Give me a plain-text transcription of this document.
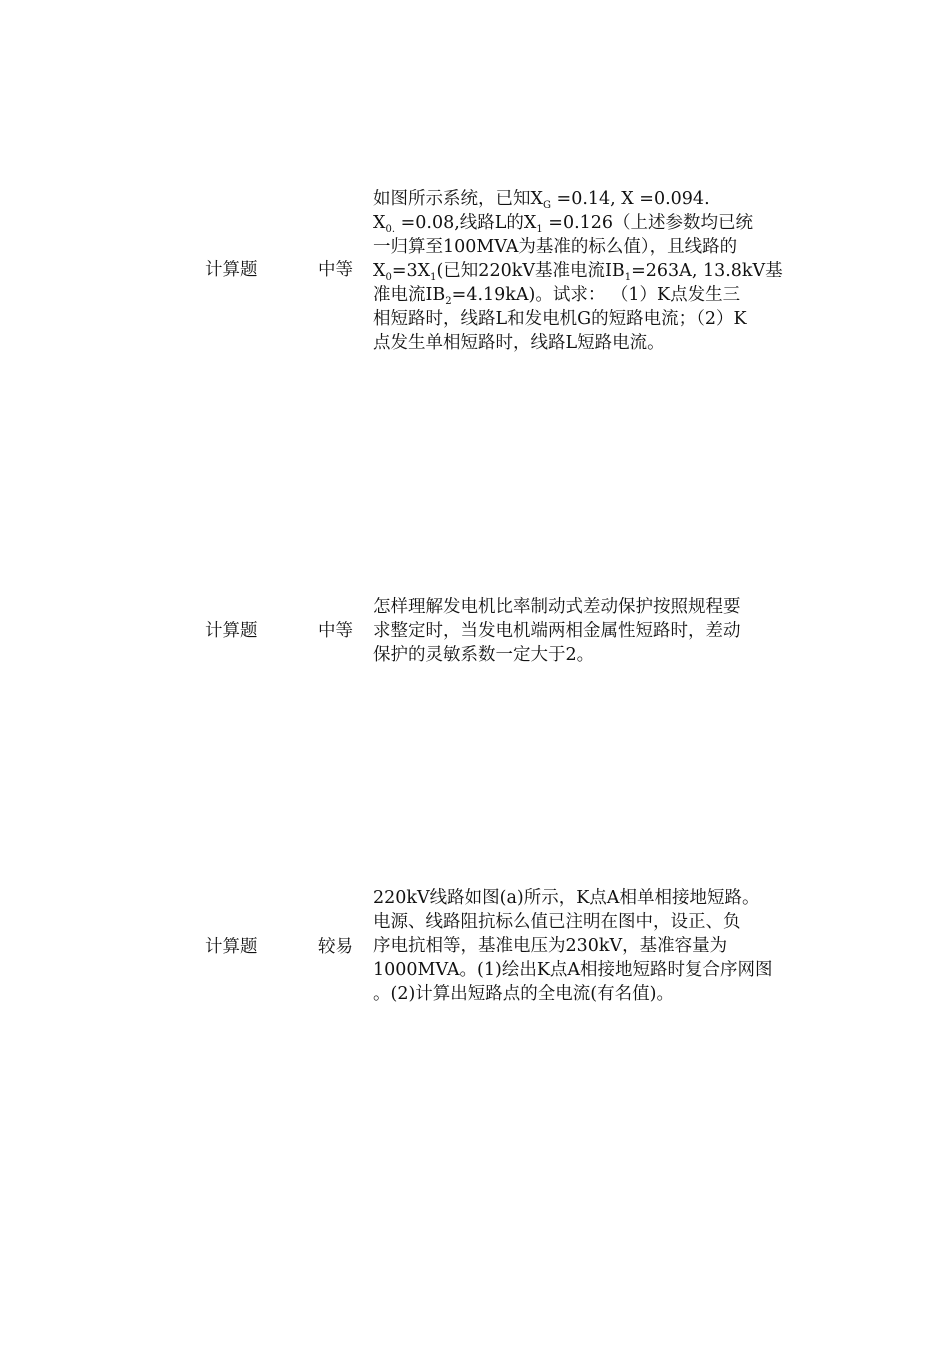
计算题	中等
如图所示系统，已知$X_G =0.14$, X =0.094.
$X_{0.} =0.08$,线路L的$X_1 =0.126$（上述参数均已统
一归算至100MVA为基准的标么值），且线路的
$X_0=3X_1$(已知220kV基准电流$IB_1=263A$, 13.8kV基
准电流$IB_2=4.19kA$)。试求： （1）K点发生三
相短路时，线路L和发电机G的短路电流；（2）K
点发生单相短路时，线路L短路电流。
计算题	中等
怎样理解发电机比率制动式差动保护按照规程要
求整定时，当发电机端两相金属性短路时，差动
保护的灵敏系数一定大于2。
计算题	较易
220kV线路如图(a)所示，K点A相单相接地短路。
电源、线路阻抗标么值已注明在图中，设正、负
序电抗相等，基准电压为230kV，基准容量为
1000MVA。(1)绘出K点A相接地短路时复合序网图
。(2)计算出短路点的全电流(有名值)。
